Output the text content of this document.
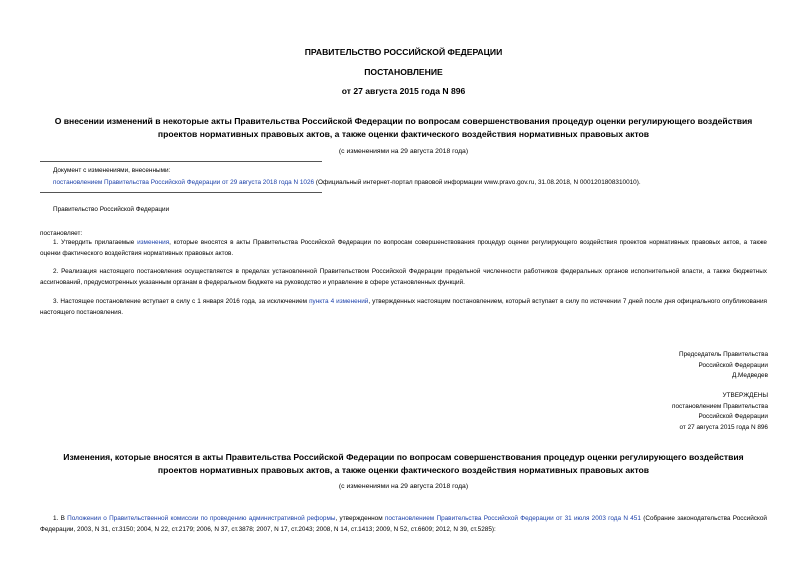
ПРАВИТЕЛЬСТВО РОССИЙСКОЙ ФЕДЕРАЦИИ
ПОСТАНОВЛЕНИЕ
от 27 августа 2015 года N 896
О внесении изменений в некоторые акты Правительства Российской Федерации по вопросам совершенствования процедур оценки регулирующего воздействия
проектов нормативных правовых актов, а также оценки фактического воздействия нормативных правовых актов
(с изменениями на 29 августа 2018 года)
Документ с изменениями, внесенными:
постановлением Правительства Российской Федерации от 29 августа 2018 года N 1026 (Официальный интернет-портал правовой информации www.pravo.gov.ru, 31.08.2018, N 0001201808310010).
Правительство Российской Федерации
постановляет:
1. Утвердить прилагаемые изменения, которые вносятся в акты Правительства Российской Федерации по вопросам совершенствования процедур оценки регулирующего воздействия проектов нормативных правовых актов, а также оценки фактического воздействия нормативных правовых актов.
2. Реализация настоящего постановления осуществляется в пределах установленной Правительством Российской Федерации предельной численности работников федеральных органов исполнительной власти, а также бюджетных ассигнований, предусмотренных указанным органам в федеральном бюджете на руководство и управление в сфере установленных функций.
3. Настоящее постановление вступает в силу с 1 января 2016 года, за исключением пункта 4 изменений, утвержденных настоящим постановлением, который вступает в силу по истечении 7 дней после дня официального опубликования настоящего постановления.
Председатель Правительства
Российской Федерации
Д.Медведев
УТВЕРЖДЕНЫ
постановлением Правительства
Российской Федерации
от 27 августа 2015 года N 896
Изменения, которые вносятся в акты Правительства Российской Федерации по вопросам совершенствования процедур оценки регулирующего воздействия
проектов нормативных правовых актов, а также оценки фактического воздействия нормативных правовых актов
(с изменениями на 29 августа 2018 года)
1. В Положении о Правительственной комиссии по проведению административной реформы, утвержденном постановлением Правительства Российской Федерации от 31 июля 2003 года N 451 (Собрание законодательства Российской Федерации, 2003, N 31, ст.3150; 2004, N 22, ст.2179; 2006, N 37, ст.3878; 2007, N 17, ст.2043; 2008, N 14, ст.1413; 2009, N 52, ст.6609; 2012, N 39, ст.5285):
